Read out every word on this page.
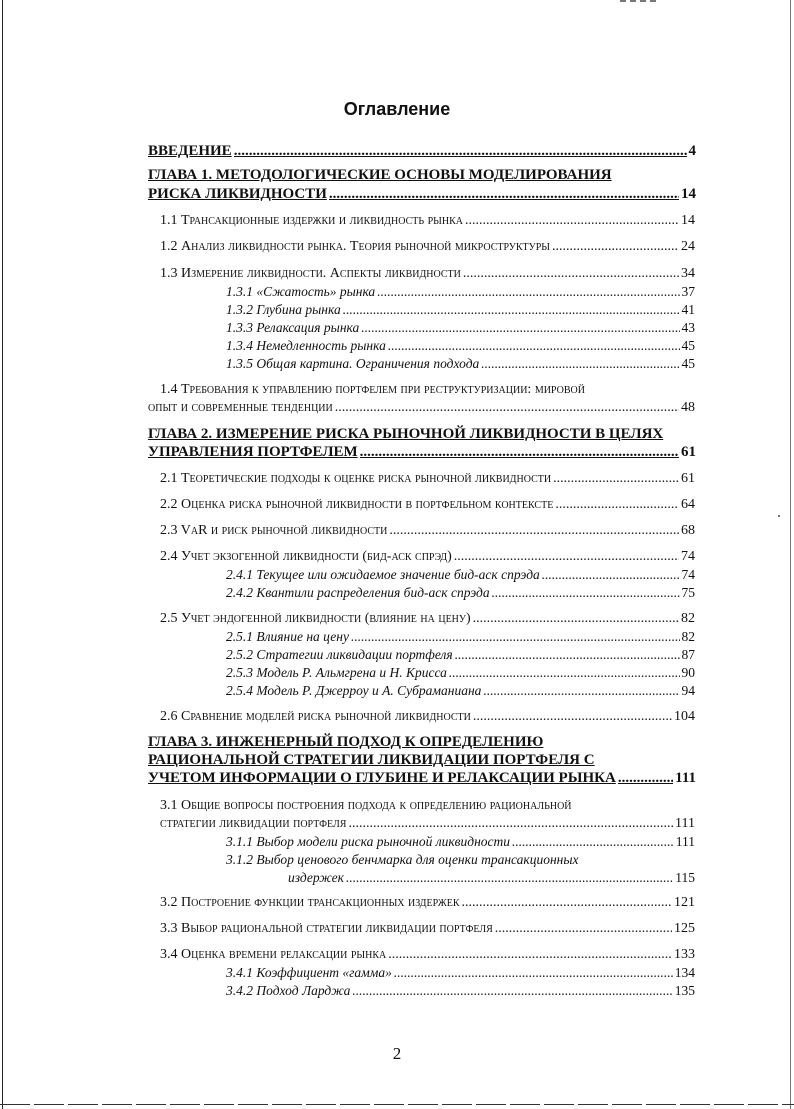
Оглавление
ВВЕДЕНИЕ .....	4
ГЛАВА 1. МЕТОДОЛОГИЧЕСКИЕ ОСНОВЫ МОДЕЛИРОВАНИЯ
РИСКА ЛИКВИДНОСТИ .....	14
1.1 Трансакционные издержки и ликвидность рынка .....	14
1.2 Анализ ликвидности рынка. Теория рыночной микроструктуры .....	24
1.3 Измерение ликвидности. Аспекты ликвидности .....	34
1.3.1 «Сжатость» рынка .....	37
1.3.2 Глубина рынка .....	41
1.3.3 Релаксация рынка .....	43
1.3.4 Немедленность рынка .....	45
1.3.5 Общая картина. Ограничения подхода .....	45
1.4 Требования к управлению портфелем при реструктуризации: мировой
опыт и современные тенденции .....	48
ГЛАВА 2. ИЗМЕРЕНИЕ РИСКА РЫНОЧНОЙ ЛИКВИДНОСТИ В ЦЕЛЯХ
УПРАВЛЕНИЯ ПОРТФЕЛЕМ .....	61
2.1 Теоретические подходы к оценке риска рыночной ликвидности .....	61
2.2 Оценка риска рыночной ликвидности в портфельном контексте .....	64
2.3 VaR и риск рыночной ликвидности .....	68
2.4 Учет экзогенной ликвидности (бид-аск спрэд) .....	74
2.4.1 Текущее или ожидаемое значение бид-аск спрэда .....	74
2.4.2 Квантили распределения бид-аск спрэда .....	75
2.5 Учет эндогенной ликвидности (влияние на цену) .....	82
2.5.1 Влияние на цену .....	82
2.5.2 Стратегии ликвидации портфеля .....	87
2.5.3 Модель Р. Альмгрена и Н. Крисса .....	90
2.5.4 Модель Р. Джерроу и А. Субраманиана .....	94
2.6 Сравнение моделей риска рыночной ликвидности .....	104
ГЛАВА 3. ИНЖЕНЕРНЫЙ ПОДХОД К ОПРЕДЕЛЕНИЮ
РАЦИОНАЛЬНОЙ СТРАТЕГИИ ЛИКВИДАЦИИ ПОРТФЕЛЯ С
УЧЕТОМ ИНФОРМАЦИИ О ГЛУБИНЕ И РЕЛАКСАЦИИ РЫНКА .....	111
3.1 Общие вопросы построения подхода к определению рациональной
стратегии ликвидации портфеля .....	111
3.1.1 Выбор модели риска рыночной ликвидности .....	111
3.1.2 Выбор ценового бенчмарка для оценки трансакционных
издержек .....	115
3.2 Построение функции трансакционных издержек .....	121
3.3 Выбор рациональной стратегии ликвидации портфеля .....	125
3.4 Оценка времени релаксации рынка .....	133
3.4.1 Коэффициент «гамма» .....	134
3.4.2 Подход Ларджа .....	135
2
